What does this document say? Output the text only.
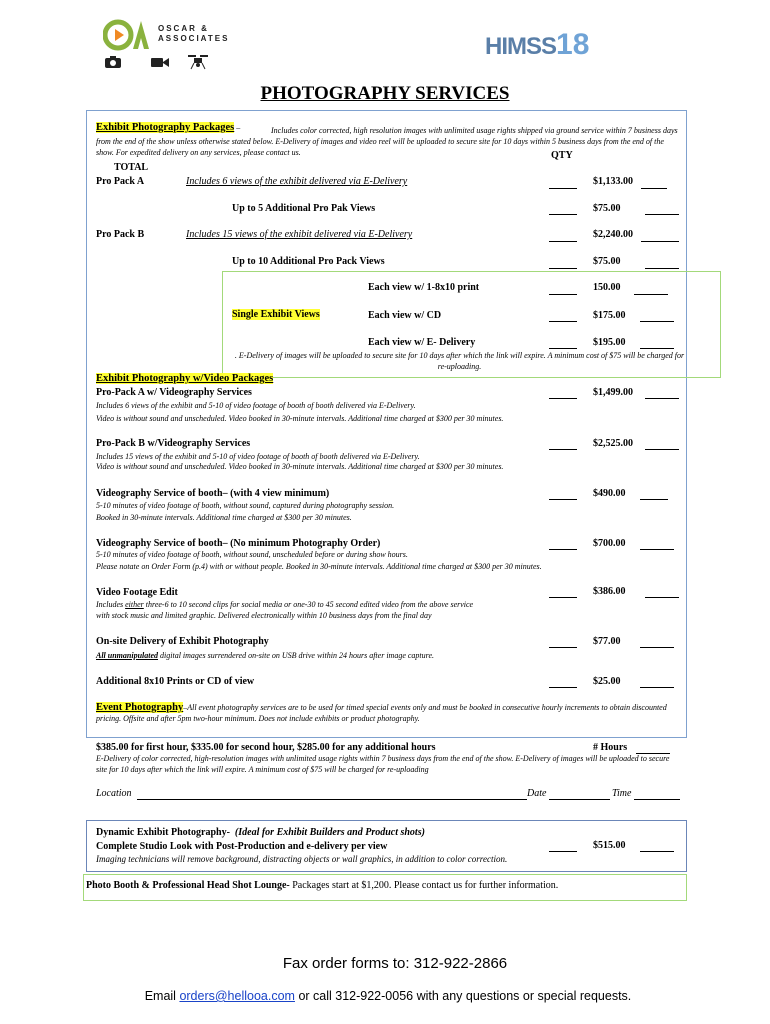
OSCAR &
ASSOCIATES	HIMSS18
PHOTOGRAPHY SERVICES
Exhibit Photography Packages –	Includes color corrected, high resolution images with unlimited usage rights shipped via ground service within 7 business days from the end of the show unless otherwise stated below. E-Delivery of images and video reel will be uploaded to secure site for 10 days within 5 business days from the end of the show. For expedited delivery on any services, please contact us.	QTY
TOTAL
Pro Pack A	Includes 6 views of the exhibit delivered via E-Delivery	$1,133.00
Up to 5 Additional Pro Pak Views	$75.00
Pro Pack B	Includes 15 views of the exhibit delivered via E-Delivery	$2,240.00
Up to 10 Additional Pro Pack Views	$75.00
Each view w/ 1-8x10 print	150.00
Single Exhibit Views	Each view w/ CD	$175.00
Each view w/ E- Delivery	$195.00
. E-Delivery of images will be uploaded to secure site for 10 days after which the link will expire. A minimum cost of $75 will be charged for re-uploading.
Exhibit Photography w/Video Packages
Pro-Pack A w/ Videography Services	$1,499.00
Includes 6 views of the exhibit and 5-10 of video footage of booth of booth delivered via E-Delivery.
Video is without sound and unscheduled. Video booked in 30-minute intervals. Additional time charged at $300 per 30 minutes.
Pro-Pack B w/Videography Services	$2,525.00
Includes 15 views of the exhibit and 5-10 of video footage of booth of booth delivered via E-Delivery.
Video is without sound and unscheduled. Video booked in 30-minute intervals. Additional time charged at $300 per 30 minutes.
Videography Service of booth– (with 4 view minimum)	$490.00
5-10 minutes of video footage of booth, without sound, captured during photography session.
Booked in 30-minute intervals. Additional time charged at $300 per 30 minutes.
Videography Service of booth– (No minimum Photography Order)	$700.00
5-10 minutes of video footage of booth, without sound, unscheduled before or during show hours.
Please notate on Order Form (p.4) with or without people. Booked in 30-minute intervals. Additional time charged at $300 per 30 minutes.
Video Footage Edit	$386.00
Includes either three-6 to 10 second clips for social media or one-30 to 45 second edited video from the above service
with stock music and limited graphic. Delivered electronically within 10 business days from the final day
On-site Delivery of Exhibit Photography	$77.00
All unmanipulated digital images surrendered on-site on USB drive within 24 hours after image capture.
Additional 8x10 Prints or CD of view	$25.00
Event Photography–All event photography services are to be used for timed special events only and must be booked in consecutive hourly increments to obtain discounted pricing. Offsite and after 5pm two-hour minimum. Does not include exhibits or product photography.
$385.00 for first hour, $335.00 for second hour, $285.00 for any additional hours	# Hours
E-Delivery of color corrected, high-resolution images with unlimited usage rights within 7 business days from the end of the show. E-Delivery of images will be uploaded to secure site for 10 days after which the link will expire. A minimum cost of $75 will be charged for re-uploading
Location	Date	Time
Dynamic Exhibit Photography- (Ideal for Exhibit Builders and Product shots)
Complete Studio Look with Post-Production and e-delivery per view	$515.00
Imaging technicians will remove background, distracting objects or wall graphics, in addition to color correction.
Photo Booth & Professional Head Shot Lounge- Packages start at $1,200. Please contact us for further information.
Fax order forms to: 312-922-2866
Email orders@hellooa.com or call 312-922-0056 with any questions or special requests.
